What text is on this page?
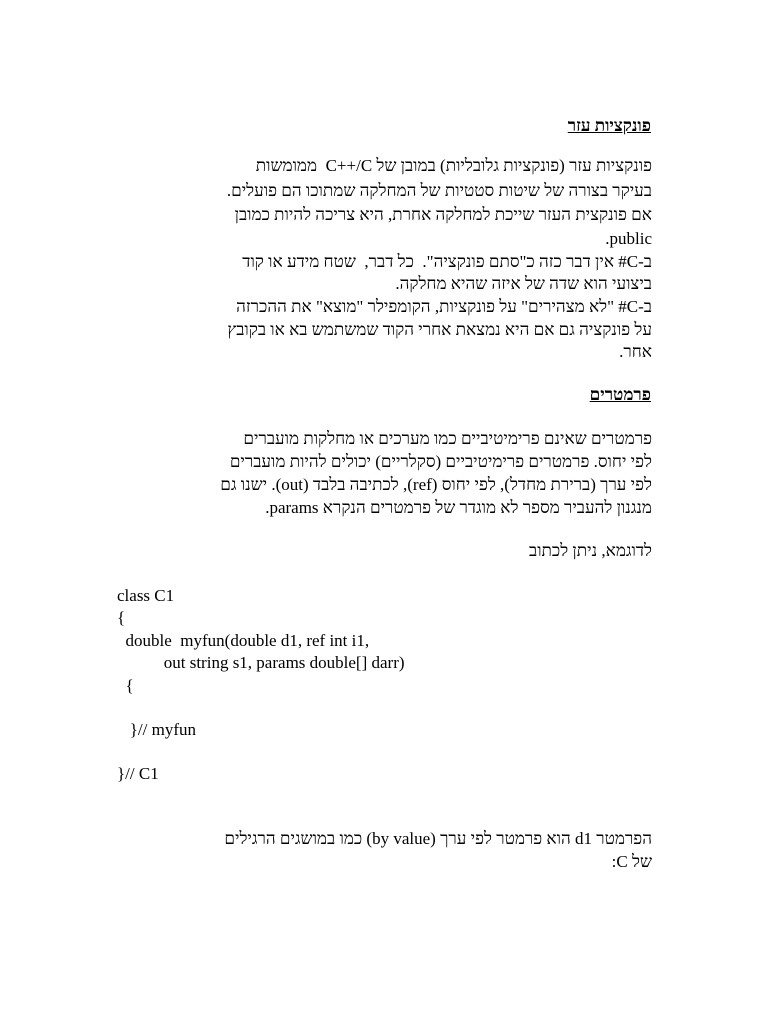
פונקציות עזר
פונקציות עזר (פונקציות גלובליות) במובן של C++/C  ממומשות
בעיקר בצורה של שיטות סטטיות של המחלקה שמתוכו הם פועלים.
אם פונקצית העזר שייכת למחלקה אחרת, היא צריכה להיות כמובן
.public
ב-C# אין דבר כזה כ"סתם פונקציה".  כל דבר,  שטח מידע או קוד
ביצועי הוא שדה של איזה שהיא מחלקה.
ב-C# "לא מצהירים" על פונקציות, הקומפילר "מוצא" את ההכרזה
על פונקציה גם אם היא נמצאת אחרי הקוד שמשתמש בא או בקובץ
אחר.
פרמטרים
פרמטרים שאינם פרימיטיביים כמו מערכים או מחלקות מועברים
לפי יחוס. פרמטרים פרימיטיביים (סקלריים) יכולים להיות מועברים
לפי ערך (ברירת מחדל), לפי יחוס (ref), לכתיבה בלבד (out). ישנו גם
מנגנון להעביר מספר לא מוגדר של פרמטרים הנקרא params.
לדוגמא, ניתן לכתוב
class C1
{
double  myfun(double d1, ref int i1,
out string s1, params double[] darr)
{
}// myfun
}// C1
הפרמטר d1 הוא פרמטר לפי ערך (by value) כמו במושגים הרגילים
של C:
